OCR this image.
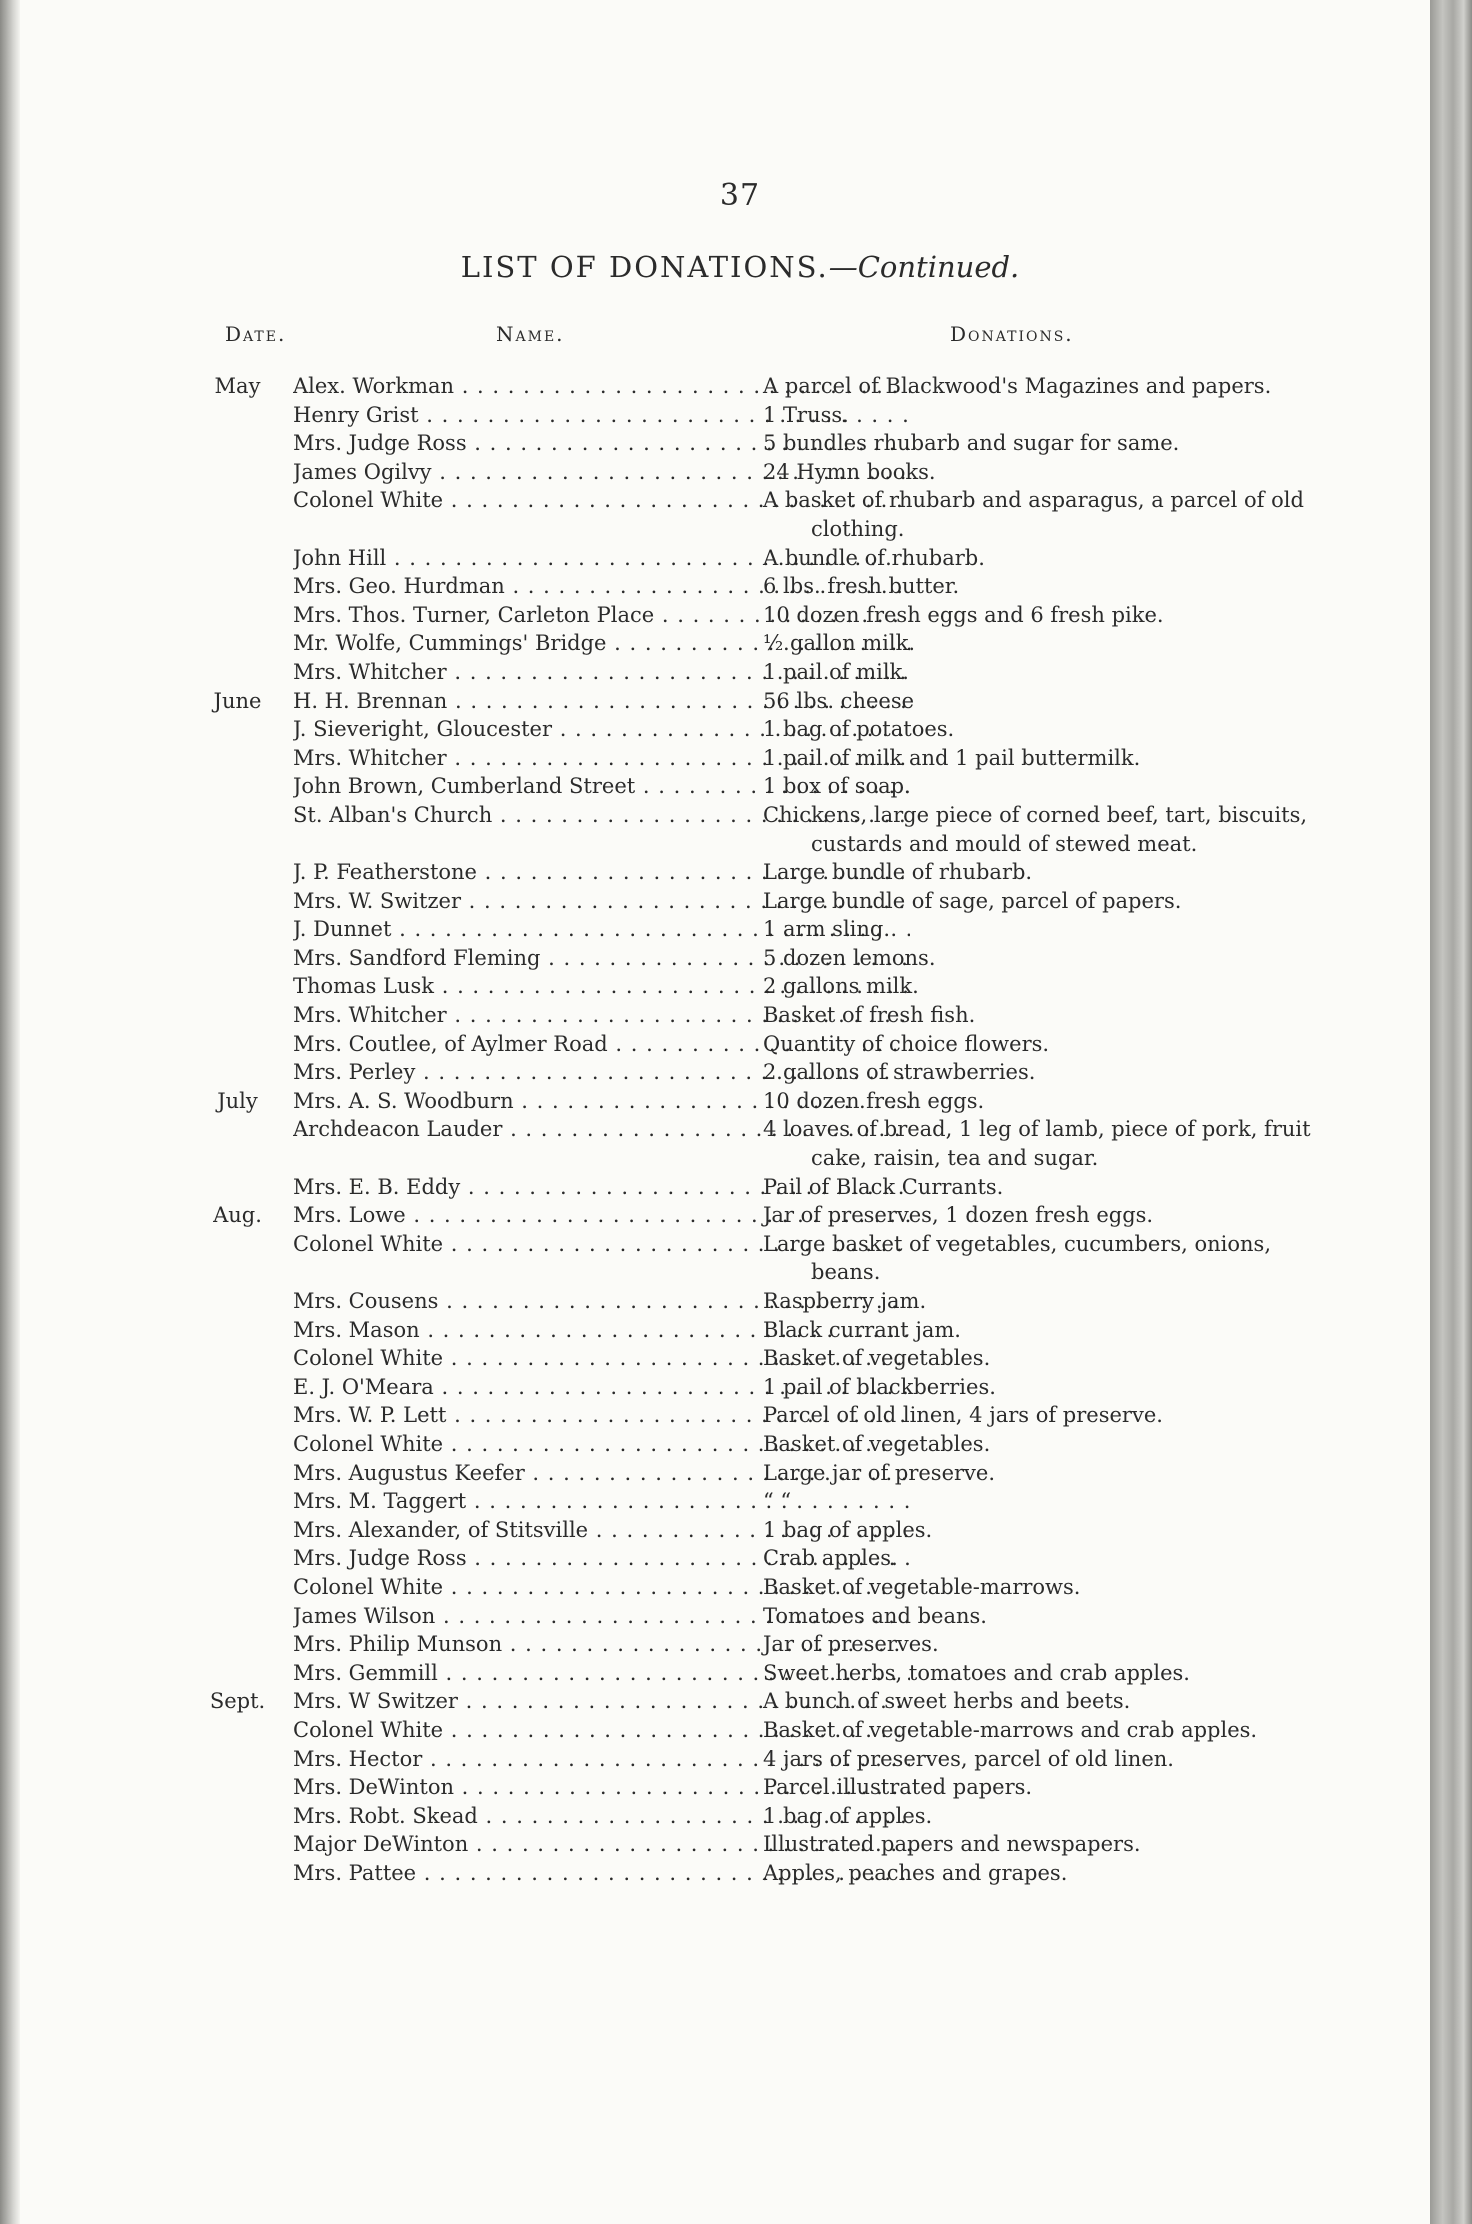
37
LIST OF DONATIONS.—Continued.
Date.	Name.	Donations.
May	Alex. Workman . . .	A parcel of Blackwood's Magazines and papers.
Henry Grist . . .	1 Truss.
Mrs. Judge Ross . . .	5 bundles rhubarb and sugar for same.
James Ogilvy . . .	24 Hymn books.
Colonel White . . .	A basket of rhubarb and asparagus, a parcel of old clothing.
John Hill . . .	A bundle of rhubarb.
Mrs. Geo. Hurdman . . .	6 lbs. fresh butter.
Mrs. Thos. Turner, Carleton Place . . .	10 dozen fresh eggs and 6 fresh pike.
Mr. Wolfe, Cummings' Bridge . . .	½ gallon milk.
Mrs. Whitcher . . .	1 pail of milk.
June	H. H. Brennan . . .	56 lbs. cheese
J. Sieveright, Gloucester . . .	1 bag of potatoes.
Mrs. Whitcher . . .	1 pail of milk and 1 pail buttermilk.
John Brown, Cumberland Street . . .	1 box of soap.
St. Alban's Church . . .	Chickens, large piece of corned beef, tart, biscuits, custards and mould of stewed meat.
J. P. Featherstone . . .	Large bundle of rhubarb.
Mrs. W. Switzer . . .	Large bundle of sage, parcel of papers.
J. Dunnet . . .	1 arm sling.
Mrs. Sandford Fleming . . .	5 dozen lemons.
Thomas Lusk . . .	2 gallons milk.
Mrs. Whitcher . . .	Basket of fresh fish.
Mrs. Coutlee, of Aylmer Road . . .	Quantity of choice flowers.
Mrs. Perley . . .	2 gallons of strawberries.
July	Mrs. A. S. Woodburn . . .	10 dozen fresh eggs.
Archdeacon Lauder . . .	4 loaves of bread, 1 leg of lamb, piece of pork, fruit cake, raisin, tea and sugar.
Mrs. E. B. Eddy . . .	Pail of Black Currants.
Aug.	Mrs. Lowe . . .	Jar of preserves, 1 dozen fresh eggs.
Colonel White . . .	Large basket of vegetables, cucumbers, onions, beans.
Mrs. Cousens . . .	Raspberry jam.
Mrs. Mason . . .	Black currant jam.
Colonel White . . .	Basket of vegetables.
E. J. O'Meara . . .	1 pail of blackberries.
Mrs. W. P. Lett . . .	Parcel of old linen, 4 jars of preserve.
Colonel White . . .	Basket of vegetables.
Mrs. Augustus Keefer . . .	Large jar of preserve.
Mrs. M. Taggert . . .	“ “
Mrs. Alexander, of Stitsville . . .	1 bag of apples.
Mrs. Judge Ross . . .	Crab apples.
Colonel White . . .	Basket of vegetable-marrows.
James Wilson . . .	Tomatoes and beans.
Mrs. Philip Munson . . .	Jar of preserves.
Mrs. Gemmill . . .	Sweet herbs, tomatoes and crab apples.
Sept.	Mrs. W Switzer . . .	A bunch of sweet herbs and beets.
Colonel White . . .	Basket of vegetable-marrows and crab apples.
Mrs. Hector . . .	4 jars of preserves, parcel of old linen.
Mrs. DeWinton . . .	Parcel illustrated papers.
Mrs. Robt. Skead . . .	1 bag of apples.
Major DeWinton . . .	Illustrated papers and newspapers.
Mrs. Pattee . . .	Apples, peaches and grapes.
